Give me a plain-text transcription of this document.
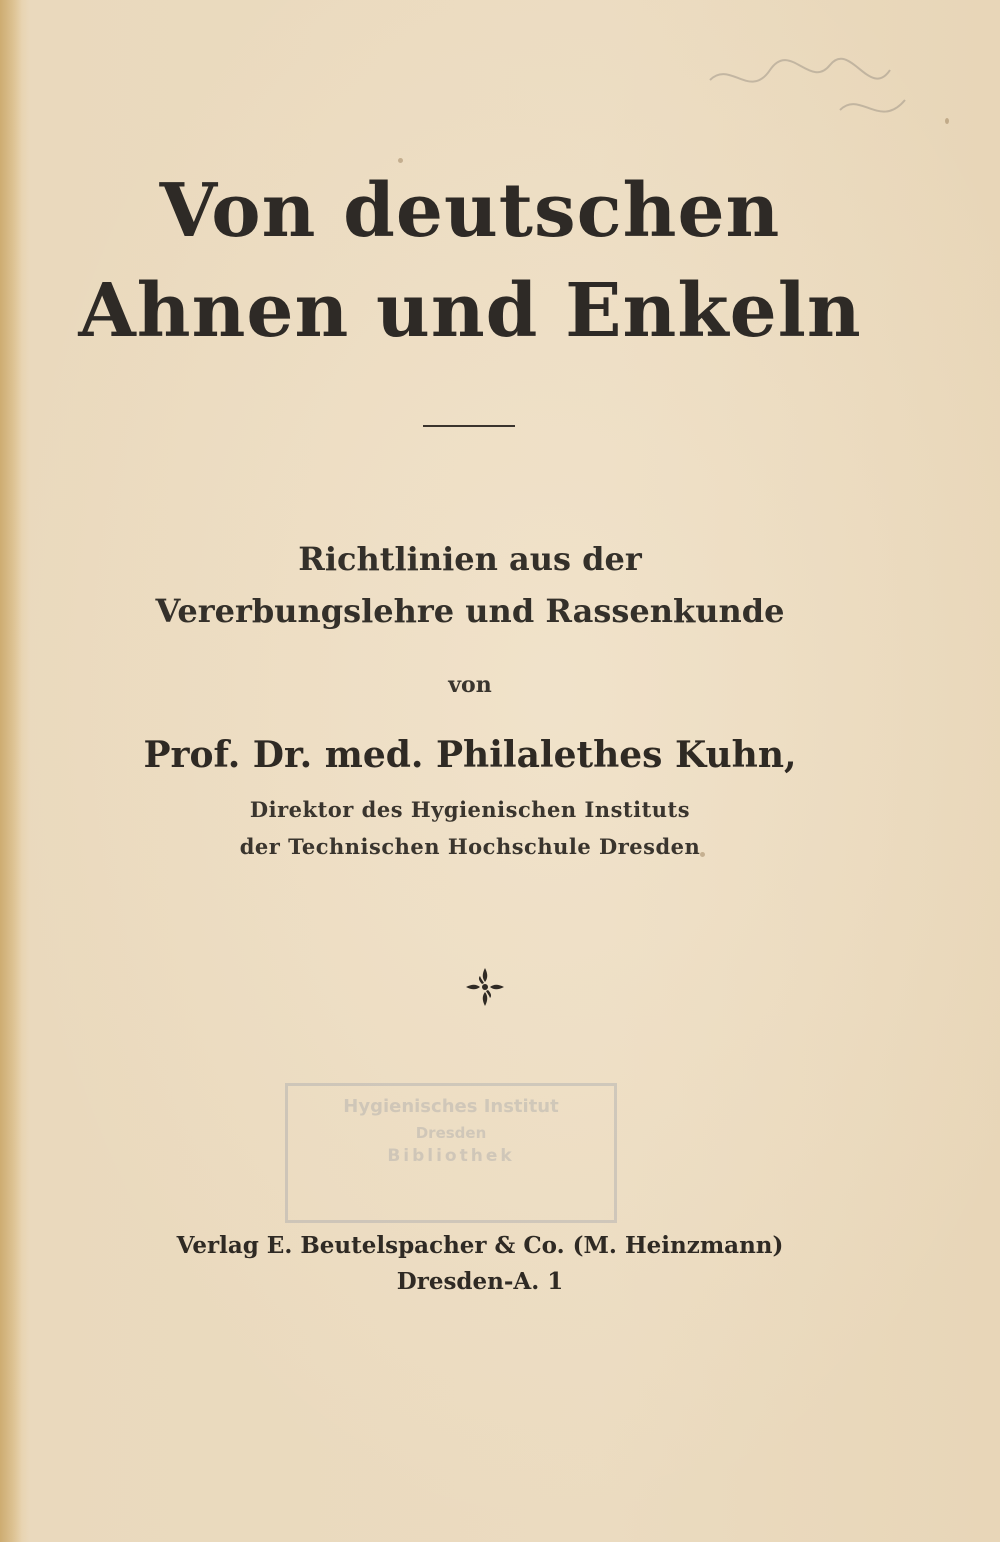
Von deutschen
Ahnen und Enkeln
Richtlinien aus der
Vererbungslehre und Rassenkunde
von
Prof. Dr. med. Philalethes Kuhn,
Direktor des Hygienischen Instituts
der Technischen Hochschule Dresden
Hygienisches Institut
Dresden
Bibliothek
Verlag E. Beutelspacher & Co. (M. Heinzmann)
Dresden-A. 1
